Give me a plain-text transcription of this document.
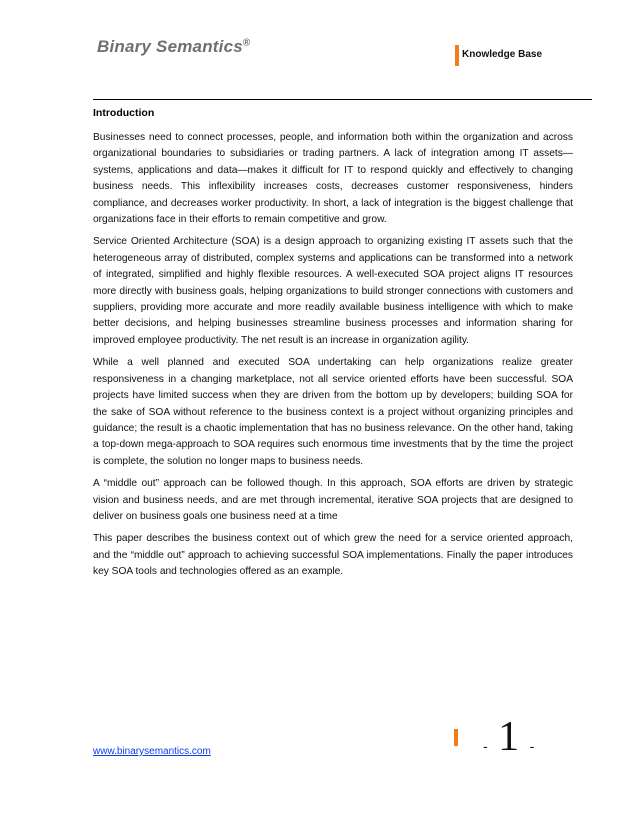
Binary Semantics®
Knowledge Base
Introduction

Businesses need to connect processes, people, and information both within the organization and across organizational boundaries to subsidiaries or trading partners. A lack of integration among IT assets—systems, applications and data—makes it difficult for IT to respond quickly and effectively to changing business needs. This inflexibility increases costs, decreases customer responsiveness, hinders compliance, and decreases worker productivity. In short, a lack of integration is the biggest challenge that organizations face in their efforts to remain competitive and grow.

Service Oriented Architecture (SOA) is a design approach to organizing existing IT assets such that the heterogeneous array of distributed, complex systems and applications can be transformed into a network of integrated, simplified and highly flexible resources. A well-executed SOA project aligns IT resources more directly with business goals, helping organizations to build stronger connections with customers and suppliers, providing more accurate and more readily available business intelligence with which to make better decisions, and helping businesses streamline business processes and information sharing for improved employee productivity. The net result is an increase in organization agility.

While a well planned and executed SOA undertaking can help organizations realize greater responsiveness in a changing marketplace, not all service oriented efforts have been successful. SOA projects have limited success when they are driven from the bottom up by developers; building SOA for the sake of SOA without reference to the business context is a project without organizing principles and guidance; the result is a chaotic implementation that has no business relevance. On the other hand, taking a top-down mega-approach to SOA requires such enormous time investments that by the time the project is complete, the solution no longer maps to business needs.

A “middle out” approach can be followed though. In this approach, SOA efforts are driven by strategic vision and business needs, and are met through incremental, iterative SOA projects that are designed to deliver on business goals one business need at a time

This paper describes the business context out of which grew the need for a service oriented approach, and the “middle out” approach to achieving successful SOA implementations. Finally the paper introduces key SOA tools and technologies offered as an example.

www.binarysemantics.com	- 1 -
